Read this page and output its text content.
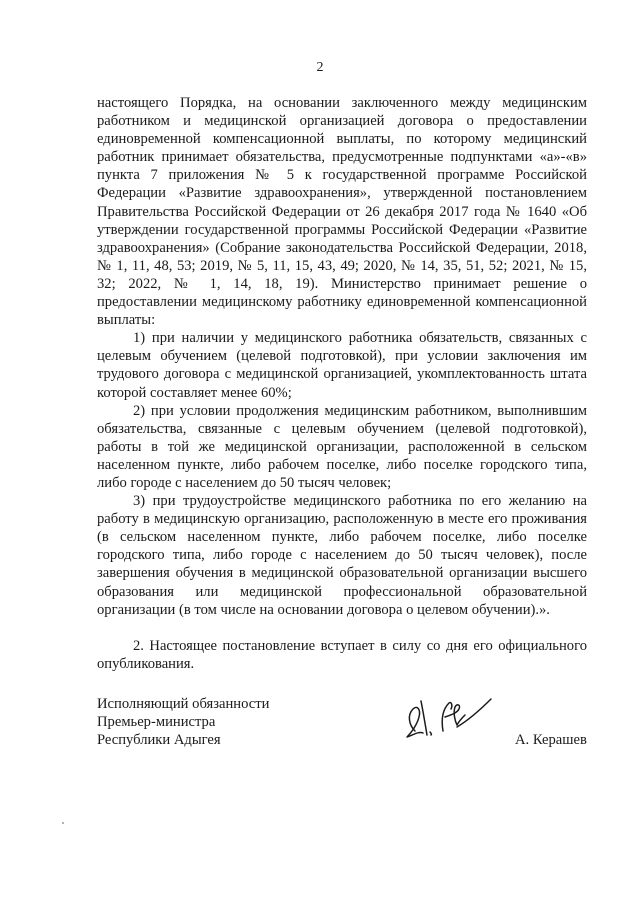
2

настоящего Порядка, на основании заключенного между медицинским работником и медицинской организацией договора о предоставлении единовременной компенсационной выплаты, по которому медицинский работник принимает обязательства, предусмотренные подпунктами «а»-«в» пункта 7 приложения № 5 к государственной программе Российской Федерации «Развитие здравоохранения», утвержденной постановлением Правительства Российской Федерации от 26 декабря 2017 года № 1640 «Об утверждении государственной программы Российской Федерации «Развитие здравоохранения» (Собрание законодательства Российской Федерации, 2018, № 1, 11, 48, 53; 2019, № 5, 11, 15, 43, 49; 2020, № 14, 35, 51, 52; 2021, № 15, 32; 2022, № 1, 14, 18, 19). Министерство принимает решение о предоставлении медицинскому работнику единовременной компенсационной выплаты:

1) при наличии у медицинского работника обязательств, связанных с целевым обучением (целевой подготовкой), при условии заключения им трудового договора с медицинской организацией, укомплектованность штата которой составляет менее 60%;

2) при условии продолжения медицинским работником, выполнившим обязательства, связанные с целевым обучением (целевой подготовкой), работы в той же медицинской организации, расположенной в сельском населенном пункте, либо рабочем поселке, либо поселке городского типа, либо городе с населением до 50 тысяч человек;

3) при трудоустройстве медицинского работника по его желанию на работу в медицинскую организацию, расположенную в месте его проживания (в сельском населенном пункте, либо рабочем поселке, либо поселке городского типа, либо городе с населением до 50 тысяч человек), после завершения обучения в медицинской образовательной организации высшего образования или медицинской профессиональной образовательной организации (в том числе на основании договора о целевом обучении).».

2. Настоящее постановление вступает в силу со дня его официального опубликования.

Исполняющий обязанности
Премьер-министра
Республики Адыгея	А. Керашев
